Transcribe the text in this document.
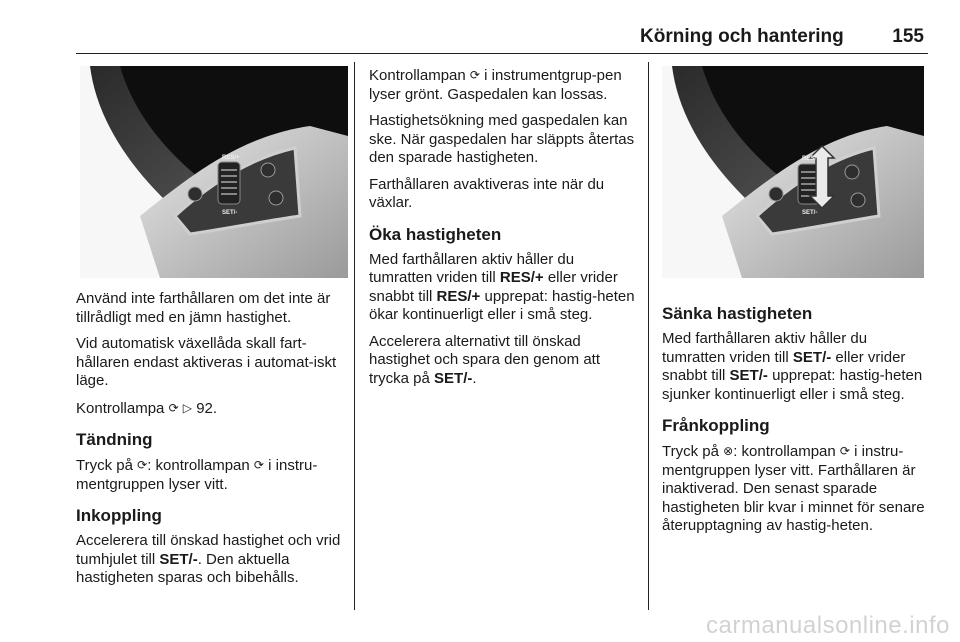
Körning och hantering	155
RES/+
SET/-

Använd inte farthållaren om det inte är tillrådligt med en jämn hastighet.

Vid automatisk växellåda skall fart-hållaren endast aktiveras i automat-iskt läge.

Kontrollampa ⟳ ▷ 92.

Tändning

Tryck på ⟳: kontrollampan ⟳ i instru-mentgruppen lyser vitt.

Inkoppling

Accelerera till önskad hastighet och vrid tumhjulet till SET/-. Den aktuella hastigheten sparas och bibehålls.

Kontrollampan ⟳ i instrumentgrup-pen lyser grönt. Gaspedalen kan lossas.

Hastighetsökning med gaspedalen kan ske. När gaspedalen har släppts återtas den sparade hastigheten.

Farthållaren avaktiveras inte när du växlar.

Öka hastigheten

Med farthållaren aktiv håller du tumratten vriden till RES/+ eller vrider snabbt till RES/+ upprepat: hastig-heten ökar kontinuerligt eller i små steg.

Accelerera alternativt till önskad hastighet och spara den genom att trycka på SET/-.

RES/+
SET/-
Sänka hastigheten

Med farthållaren aktiv håller du tumratten vriden till SET/- eller vrider snabbt till SET/- upprepat: hastig-heten sjunker kontinuerligt eller i små steg.

Frånkoppling

Tryck på ⊗: kontrollampan ⟳ i instru-mentgruppen lyser vitt. Farthållaren är inaktiverad. Den senast sparade hastigheten blir kvar i minnet för senare återupptagning av hastig-heten.

carmanualsonline.info
